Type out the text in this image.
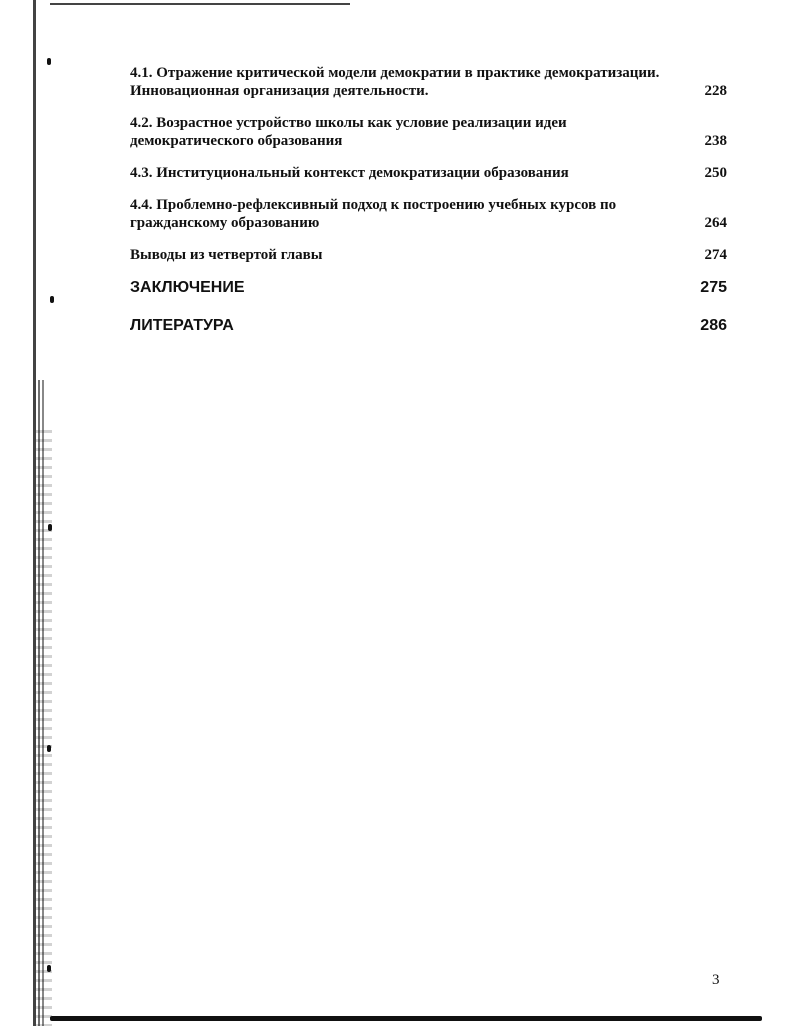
4.1. Отражение критической модели демократии в практике демократизации. Инновационная организация деятельности.	228
4.2. Возрастное устройство школы как условие реализации идеи демократического образования	238
4.3. Институциональный контекст демократизации образования	250
4.4. Проблемно-рефлексивный подход к построению учебных курсов по гражданскому образованию	264
Выводы из четвертой главы	274
ЗАКЛЮЧЕНИЕ	275
ЛИТЕРАТУРА	286
3
